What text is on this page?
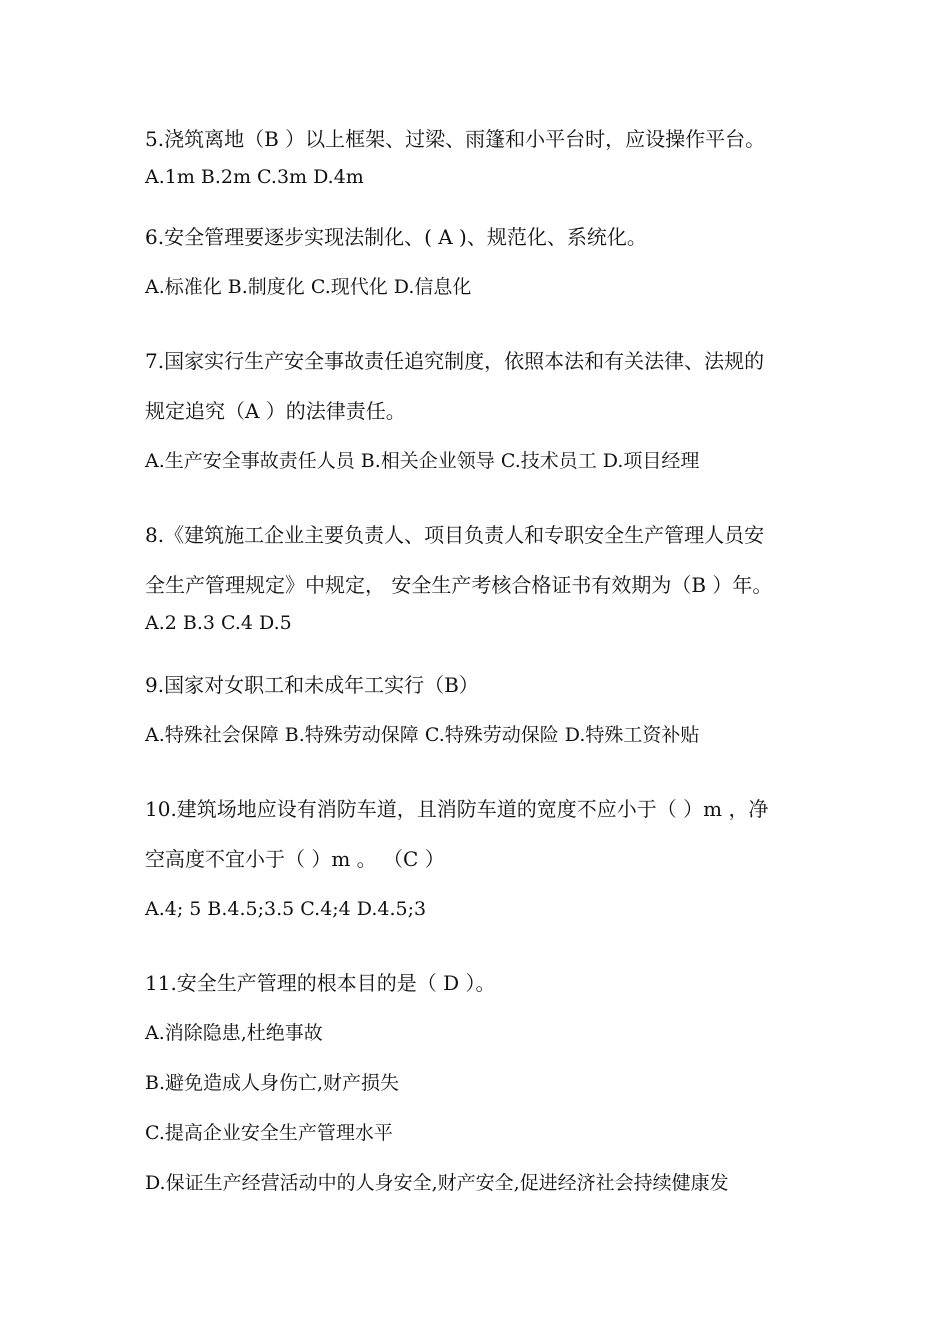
5.浇筑离地（B ）以上框架、过梁、雨篷和小平台时，应设操作平台。
A.1m B.2m C.3m D.4m
6.安全管理要逐步实现法制化、( A )、规范化、系统化。
A.标准化 B.制度化 C.现代化 D.信息化
7.国家实行生产安全事故责任追究制度，依照本法和有关法律、法规的
规定追究（A ）的法律责任。
A.生产安全事故责任人员 B.相关企业领导 C.技术员工 D.项目经理
8.《建筑施工企业主要负责人、项目负责人和专职安全生产管理人员安
全生产管理规定》中规定， 安全生产考核合格证书有效期为（B ）年。
A.2 B.3 C.4 D.5
9.国家对女职工和未成年工实行（B）
A.特殊社会保障 B.特殊劳动保障 C.特殊劳动保险 D.特殊工资补贴
10.建筑场地应设有消防车道，且消防车道的宽度不应小于（ ）m ，净
空高度不宜小于（ ）m 。 （C ）
A.4; 5 B.4.5;3.5 C.4;4 D.4.5;3
11.安全生产管理的根本目的是（ D ）。
A.消除隐患,杜绝事故
B.避免造成人身伤亡,财产损失
C.提高企业安全生产管理水平
D.保证生产经营活动中的人身安全,财产安全,促进经济社会持续健康发
